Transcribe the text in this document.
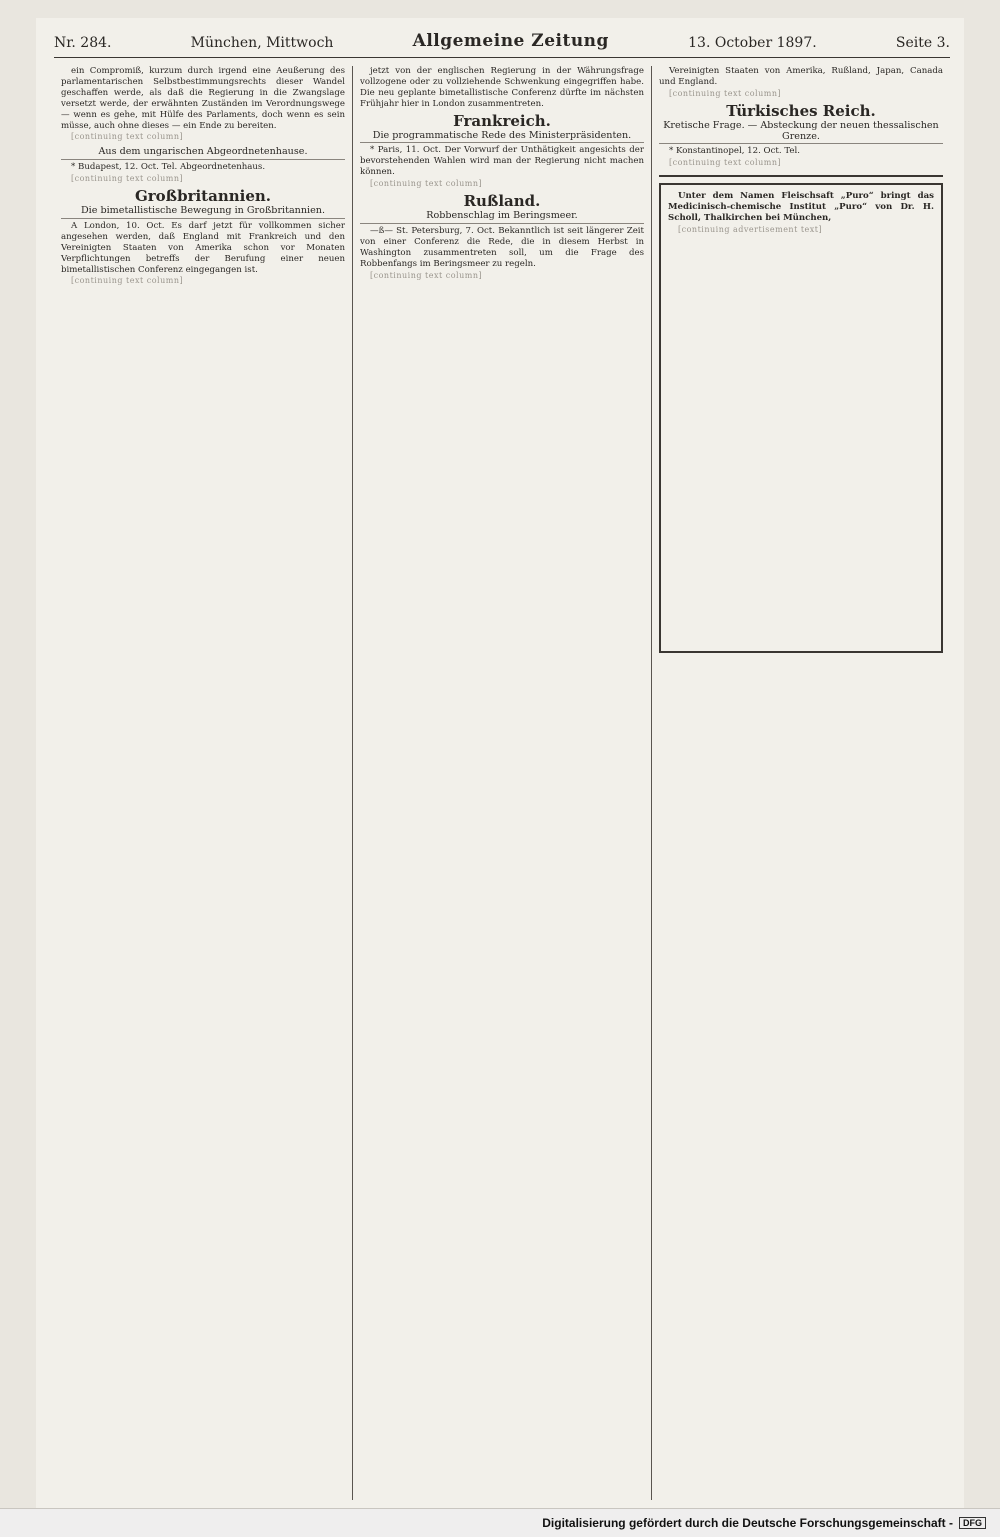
Nr. 284.	München, Mittwoch	Allgemeine Zeitung	13. October 1897.	Seite 3.

ein Compromiß, kurzum durch irgend eine Aeußerung des parlamentarischen Selbstbestimmungsrechts dieser Wandel geschaffen werde, als daß die Regierung in die Zwangslage versetzt werde, der erwähnten Zuständen im Verordnungswege — wenn es gehe, mit Hülfe des Parlaments, doch wenn es sein müsse, auch ohne dieses — ein Ende zu bereiten.

[continuing text column]

Aus dem ungarischen Abgeordnetenhause.

* Budapest, 12. Oct. Tel. Abgeordnetenhaus.

[continuing text column]

Großbritannien.
Die bimetallistische Bewegung in Großbritannien.

A London, 10. Oct. Es darf jetzt für vollkommen sicher angesehen werden, daß England mit Frankreich und den Vereinigten Staaten von Amerika schon vor Monaten Verpflichtungen betreffs der Berufung einer neuen bimetallistischen Conferenz eingegangen ist.

[continuing text column]

jetzt von der englischen Regierung in der Währungsfrage vollzogene oder zu vollziehende Schwenkung eingegriffen habe. Die neu geplante bimetallistische Conferenz dürfte im nächsten Frühjahr hier in London zusammentreten.

Frankreich.
Die programmatische Rede des Ministerpräsidenten.

* Paris, 11. Oct. Der Vorwurf der Unthätigkeit angesichts der bevorstehenden Wahlen wird man der Regierung nicht machen können.

[continuing text column]

Rußland.
Robbenschlag im Beringsmeer.

—ß— St. Petersburg, 7. Oct. Bekanntlich ist seit längerer Zeit von einer Conferenz die Rede, die in diesem Herbst in Washington zusammentreten soll, um die Frage des Robbenfangs im Beringsmeer zu regeln.

[continuing text column]

Vereinigten Staaten von Amerika, Rußland, Japan, Canada und England.

[continuing text column]

Türkisches Reich.
Kretische Frage. — Absteckung der neuen thessalischen Grenze.

* Konstantinopel, 12. Oct. Tel.

[continuing text column]

Unter dem Namen Fleischsaft „Puro“ bringt das Medicinisch-chemische Institut „Puro“ von Dr. H. Scholl, Thalkirchen bei München,

[continuing advertisement text]

Digitalisierung gefördert durch die Deutsche Forschungsgemeinschaft -	DFG
